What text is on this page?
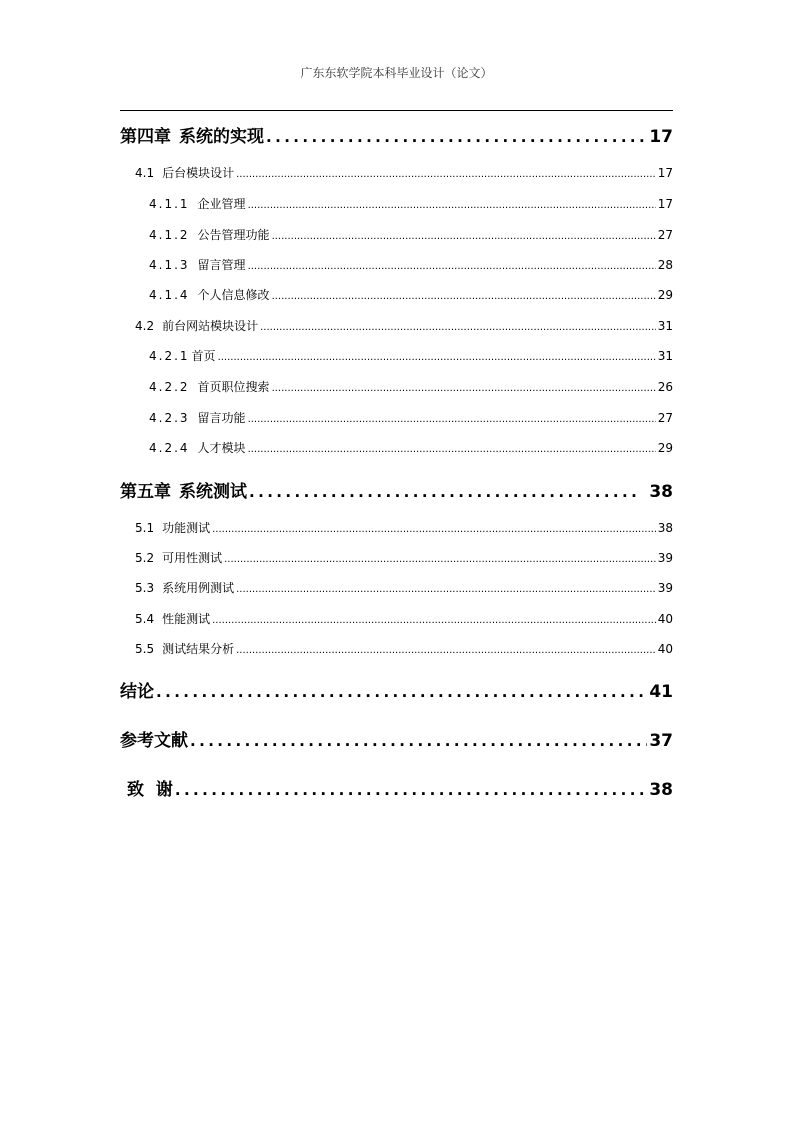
广东东软学院本科毕业设计（论文）
第四章 系统的实现 .....	17
4.1 后台模块设计 .....	17
4.1.1 企业管理 .....	17
4.1.2 公告管理功能 .....	27
4.1.3 留言管理 .....	28
4.1.4 个人信息修改 .....	29
4.2 前台网站模块设计 .....	31
4.2.1 首页 .....	31
4.2.2 首页职位搜索 .....	26
4.2.3 留言功能 .....	27
4.2.4 人才模块 .....	29
第五章 系统测试 .....	38
5.1 功能测试 .....	38
5.2 可用性测试 .....	39
5.3 系统用例测试 .....	39
5.4 性能测试 .....	40
5.5 测试结果分析 .....	40
结论 .....	41
参考文献 .....	37
致  谢 .....	38
